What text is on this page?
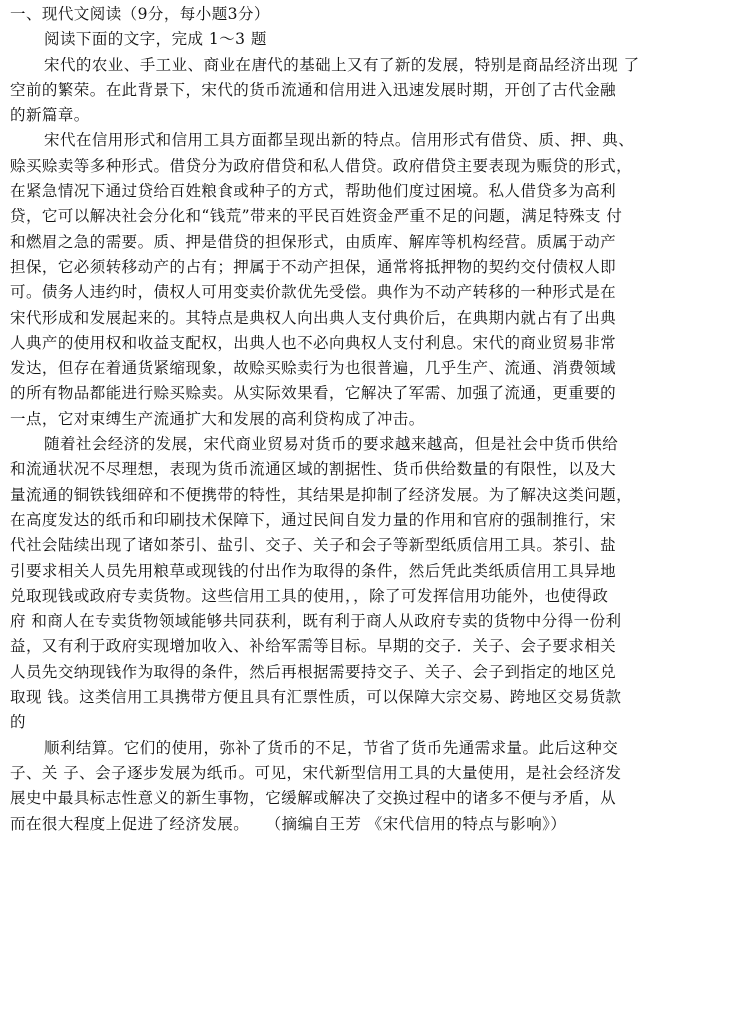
一、现代文阅读（9分，每小题3分）
阅读下面的文字，完成 1～3 题
宋代的农业、手工业、商业在唐代的基础上又有了新的发展，特别是商品经济出现 了
空前的繁荣。在此背景下，宋代的货币流通和信用进入迅速发展时期，开创了古代金融
的新篇章。
宋代在信用形式和信用工具方面都呈现出新的特点。信用形式有借贷、质、押、典、
赊买赊卖等多种形式。借贷分为政府借贷和私人借贷。政府借贷主要表现为赈贷的形式，
在紧急情况下通过贷给百姓粮食或种子的方式，帮助他们度过困境。私人借贷多为高利
贷，它可以解决社会分化和“钱荒”带来的平民百姓资金严重不足的问题，满足特殊支 付
和燃眉之急的需要。质、押是借贷的担保形式，由质库、解库等机构经营。质属于动产
担保，它必须转移动产的占有；押属于不动产担保，通常将抵押物的契约交付债权人即
可。债务人违约时，债权人可用变卖价款优先受偿。典作为不动产转移的一种形式是在
宋代形成和发展起来的。其特点是典权人向出典人支付典价后，在典期内就占有了出典
人典产的使用权和收益支配权，出典人也不必向典权人支付利息。宋代的商业贸易非常
发达，但存在着通货紧缩现象，故赊买赊卖行为也很普遍，几乎生产、流通、消费领域
的所有物品都能进行赊买赊卖。从实际效果看，它解决了军需、加强了流通，更重要的
一点，它对束缚生产流通扩大和发展的高利贷构成了冲击。
随着社会经济的发展，宋代商业贸易对货币的要求越来越高，但是社会中货币供给
和流通状况不尽理想，表现为货币流通区域的割据性、货币供给数量的有限性，以及大
量流通的铜铁钱细碎和不便携带的特性，其结果是抑制了经济发展。为了解决这类问题，
在高度发达的纸币和印刷技术保障下，通过民间自发力量的作用和官府的强制推行，宋
代社会陆续出现了诸如茶引、盐引、交子、关子和会子等新型纸质信用工具。茶引、盐
引要求相关人员先用粮草或现钱的付出作为取得的条件，然后凭此类纸质信用工具异地
兑取现钱或政府专卖货物。这些信用工具的使用，，除了可发挥信用功能外，也使得政
府 和商人在专卖货物领域能够共同获利，既有利于商人从政府专卖的货物中分得一份利
益，又有利于政府实现增加收入、补给军需等目标。早期的交子．关子、会子要求相关
人员先交纳现钱作为取得的条件，然后再根据需要持交子、关子、会子到指定的地区兑
取现 钱。这类信用工具携带方便且具有汇票性质，可以保障大宗交易、跨地区交易货款
的
顺利结算。它们的使用，弥补了货币的不足，节省了货币先通需求量。此后这种交
子、关 子、会子逐步发展为纸币。可见，宋代新型信用工具的大量使用，是社会经济发
展史中最具标志性意义的新生事物，它缓解或解决了交换过程中的诸多不便与矛盾，从
而在很大程度上促进了经济发展。　　（摘编自王芳 《宋代信用的特点与影响》）
